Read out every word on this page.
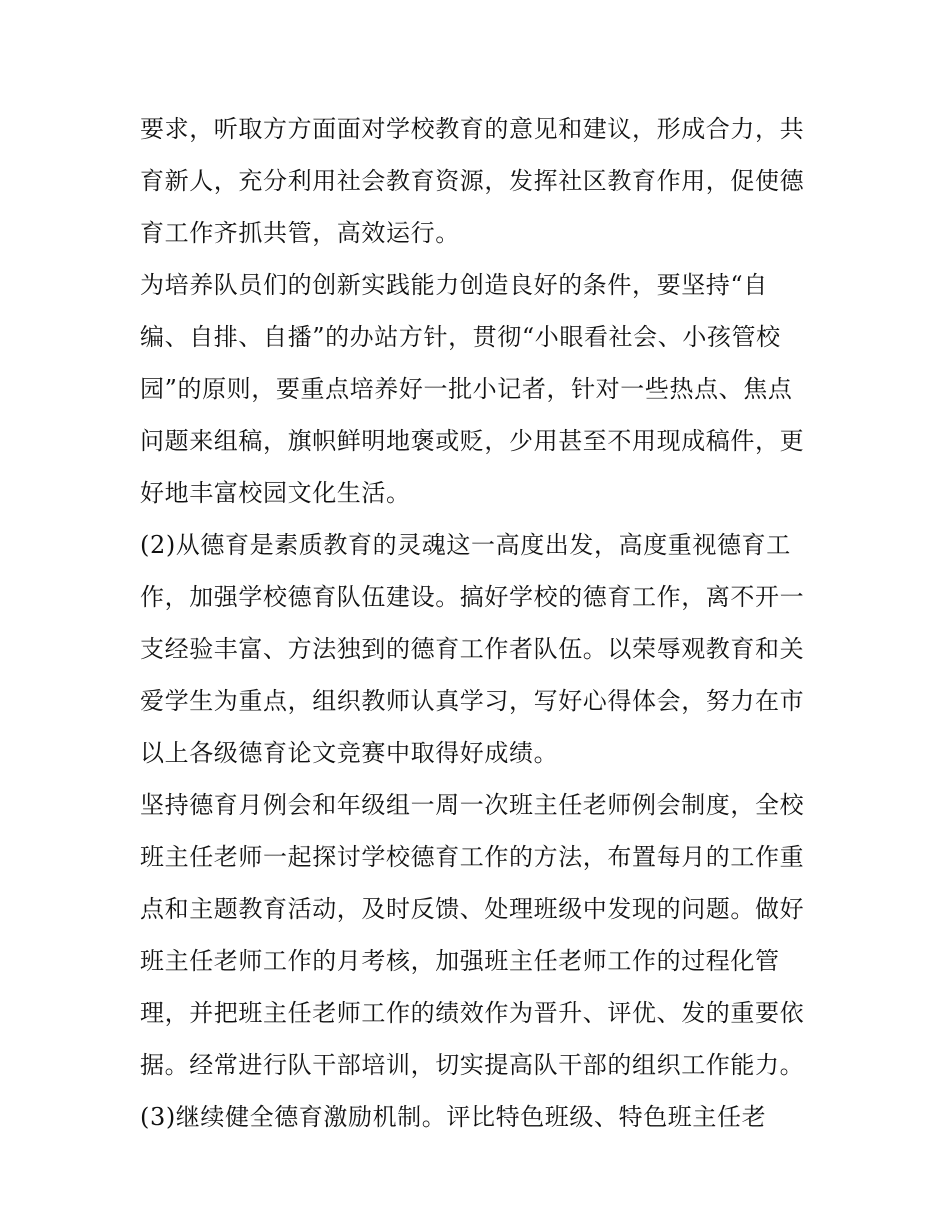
要求，听取方方面面对学校教育的意见和建议，形成合力，共
育新人，充分利用社会教育资源，发挥社区教育作用，促使德
育工作齐抓共管，高效运行。
为培养队员们的创新实践能力创造良好的条件，要坚持“自
编、自排、自播”的办站方针，贯彻“小眼看社会、小孩管校
园”的原则，要重点培养好一批小记者，针对一些热点、焦点
问题来组稿，旗帜鲜明地褒或贬，少用甚至不用现成稿件，更
好地丰富校园文化生活。
(2)从德育是素质教育的灵魂这一高度出发，高度重视德育工
作，加强学校德育队伍建设。搞好学校的德育工作，离不开一
支经验丰富、方法独到的德育工作者队伍。以荣辱观教育和关
爱学生为重点，组织教师认真学习，写好心得体会，努力在市
以上各级德育论文竞赛中取得好成绩。
坚持德育月例会和年级组一周一次班主任老师例会制度，全校
班主任老师一起探讨学校德育工作的方法，布置每月的工作重
点和主题教育活动，及时反馈、处理班级中发现的问题。做好
班主任老师工作的月考核，加强班主任老师工作的过程化管
理，并把班主任老师工作的绩效作为晋升、评优、发的重要依
据。经常进行队干部培训，切实提高队干部的组织工作能力。
(3)继续健全德育激励机制。评比特色班级、特色班主任老
